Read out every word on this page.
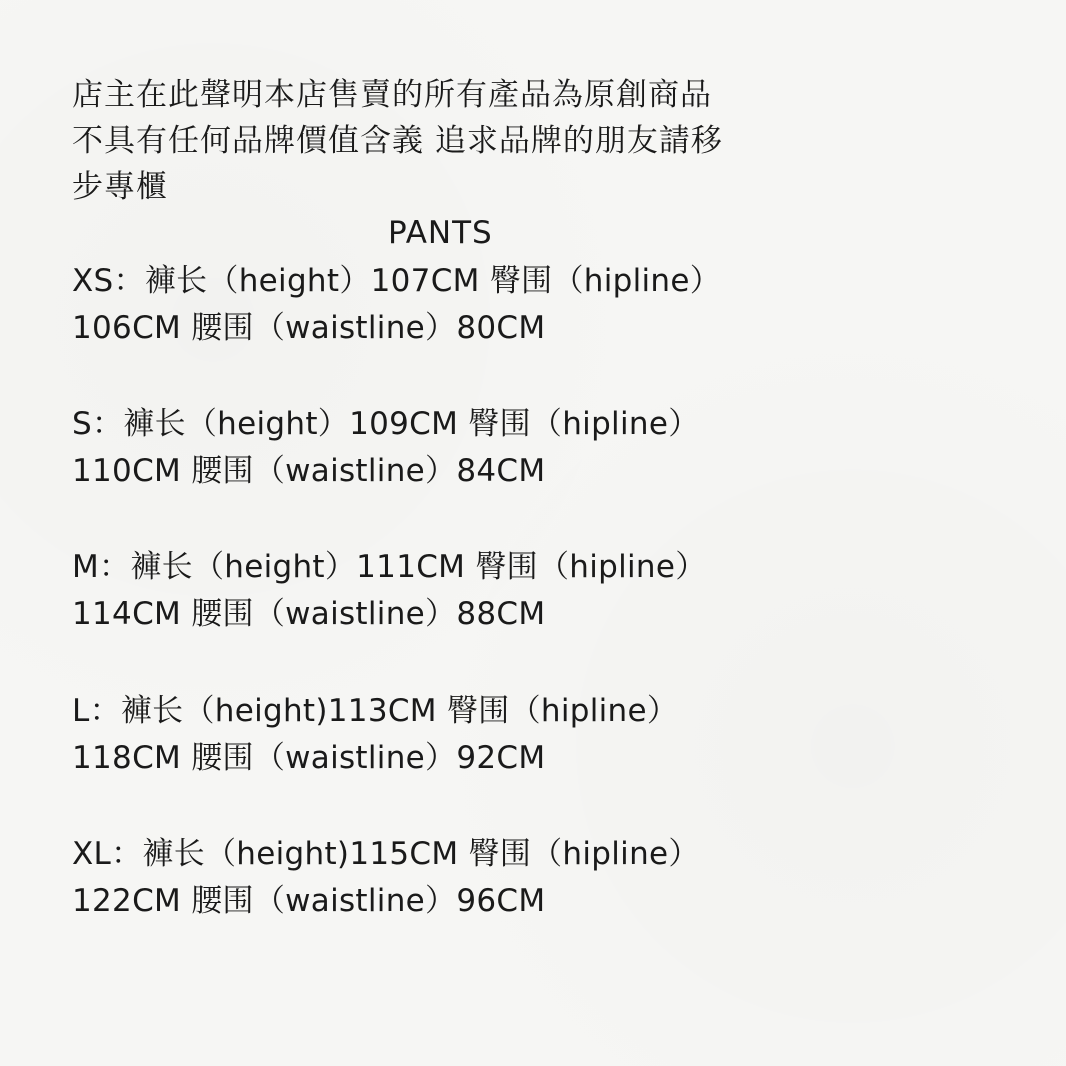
店主在此聲明本店售賣的所有產品為原創商品
不具有任何品牌價值含義 追求品牌的朋友請移
步專櫃
PANTS
XS：褲长（height）107CM 臀围（hipline）
106CM 腰围（waistline）80CM
S：褲长（height）109CM 臀围（hipline）
110CM 腰围（waistline）84CM
M：褲长（height）111CM 臀围（hipline）
114CM 腰围（waistline）88CM
L：褲长（height)113CM 臀围（hipline）
118CM 腰围（waistline）92CM
XL：褲长（height)115CM 臀围（hipline）
122CM 腰围（waistline）96CM
